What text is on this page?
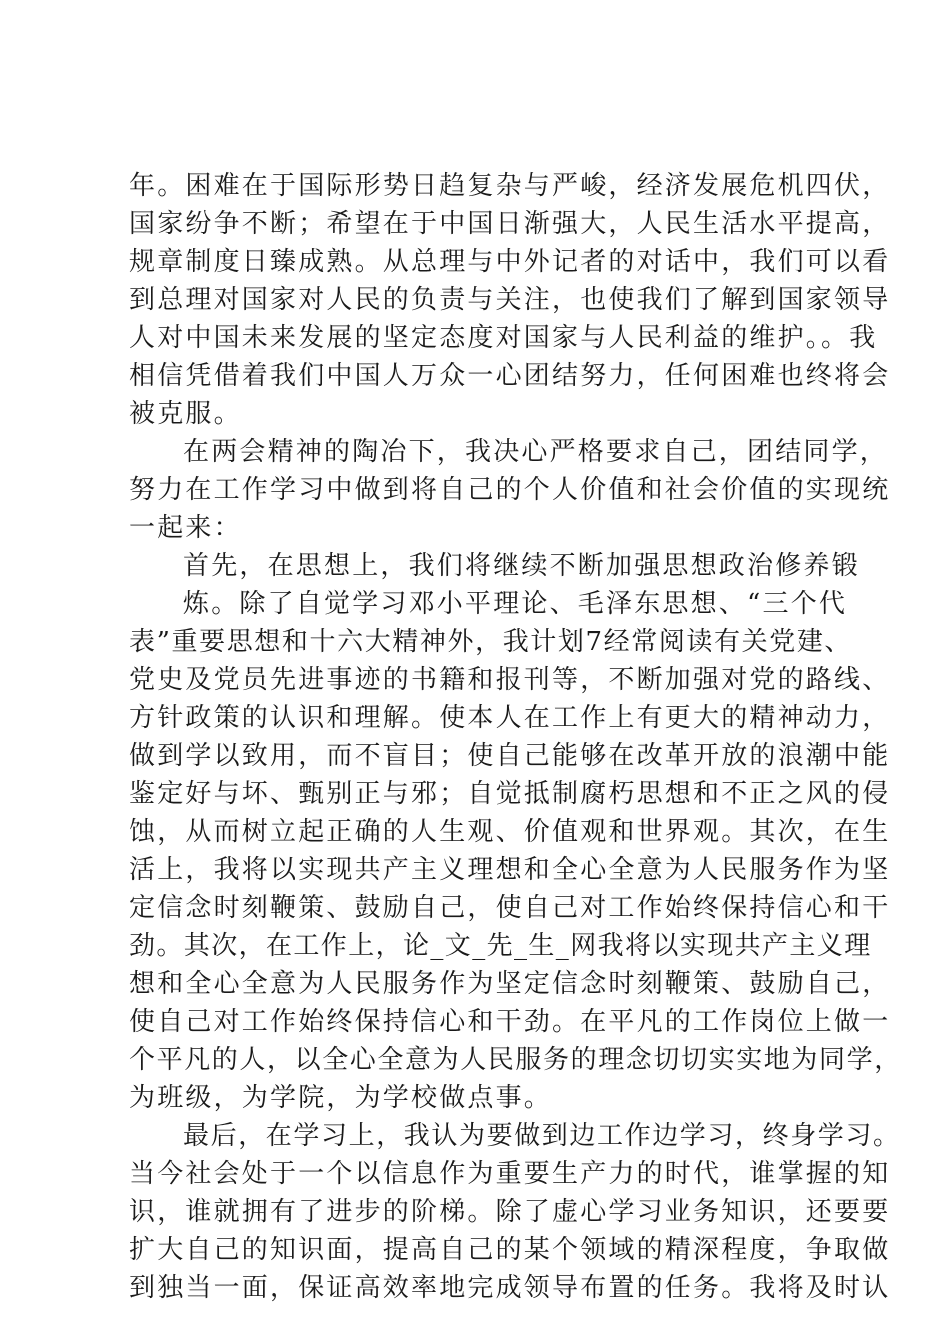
年。困难在于国际形势日趋复杂与严峻，经济发展危机四伏，
国家纷争不断；希望在于中国日渐强大，人民生活水平提高，
规章制度日臻成熟。从总理与中外记者的对话中，我们可以看
到总理对国家对人民的负责与关注，也使我们了解到国家领导
人对中国未来发展的坚定态度对国家与人民利益的维护。。我
相信凭借着我们中国人万众一心团结努力，任何困难也终将会
被克服。
在两会精神的陶冶下，我决心严格要求自己，团结同学，
努力在工作学习中做到将自己的个人价值和社会价值的实现统
一起来：
首先，在思想上，我们将继续不断加强思想政治修养锻
炼。除了自觉学习邓小平理论、毛泽东思想、“三个代
表”重要思想和十六大精神外，我计划7经常阅读有关党建、
党史及党员先进事迹的书籍和报刊等，不断加强对党的路线、
方针政策的认识和理解。使本人在工作上有更大的精神动力，
做到学以致用，而不盲目；使自己能够在改革开放的浪潮中能
鉴定好与坏、甄别正与邪；自觉抵制腐朽思想和不正之风的侵
蚀，从而树立起正确的人生观、价值观和世界观。其次，在生
活上，我将以实现共产主义理想和全心全意为人民服务作为坚
定信念时刻鞭策、鼓励自己，使自己对工作始终保持信心和干
劲。其次，在工作上，论_文_先_生_网我将以实现共产主义理
想和全心全意为人民服务作为坚定信念时刻鞭策、鼓励自己，
使自己对工作始终保持信心和干劲。在平凡的工作岗位上做一
个平凡的人，以全心全意为人民服务的理念切切实实地为同学，
为班级，为学院，为学校做点事。
最后，在学习上，我认为要做到边工作边学习，终身学习。
当今社会处于一个以信息作为重要生产力的时代，谁掌握的知
识，谁就拥有了进步的阶梯。除了虚心学习业务知识，还要要
扩大自己的知识面，提高自己的某个领域的精深程度，争取做
到独当一面，保证高效率地完成领导布置的任务。我将及时认
